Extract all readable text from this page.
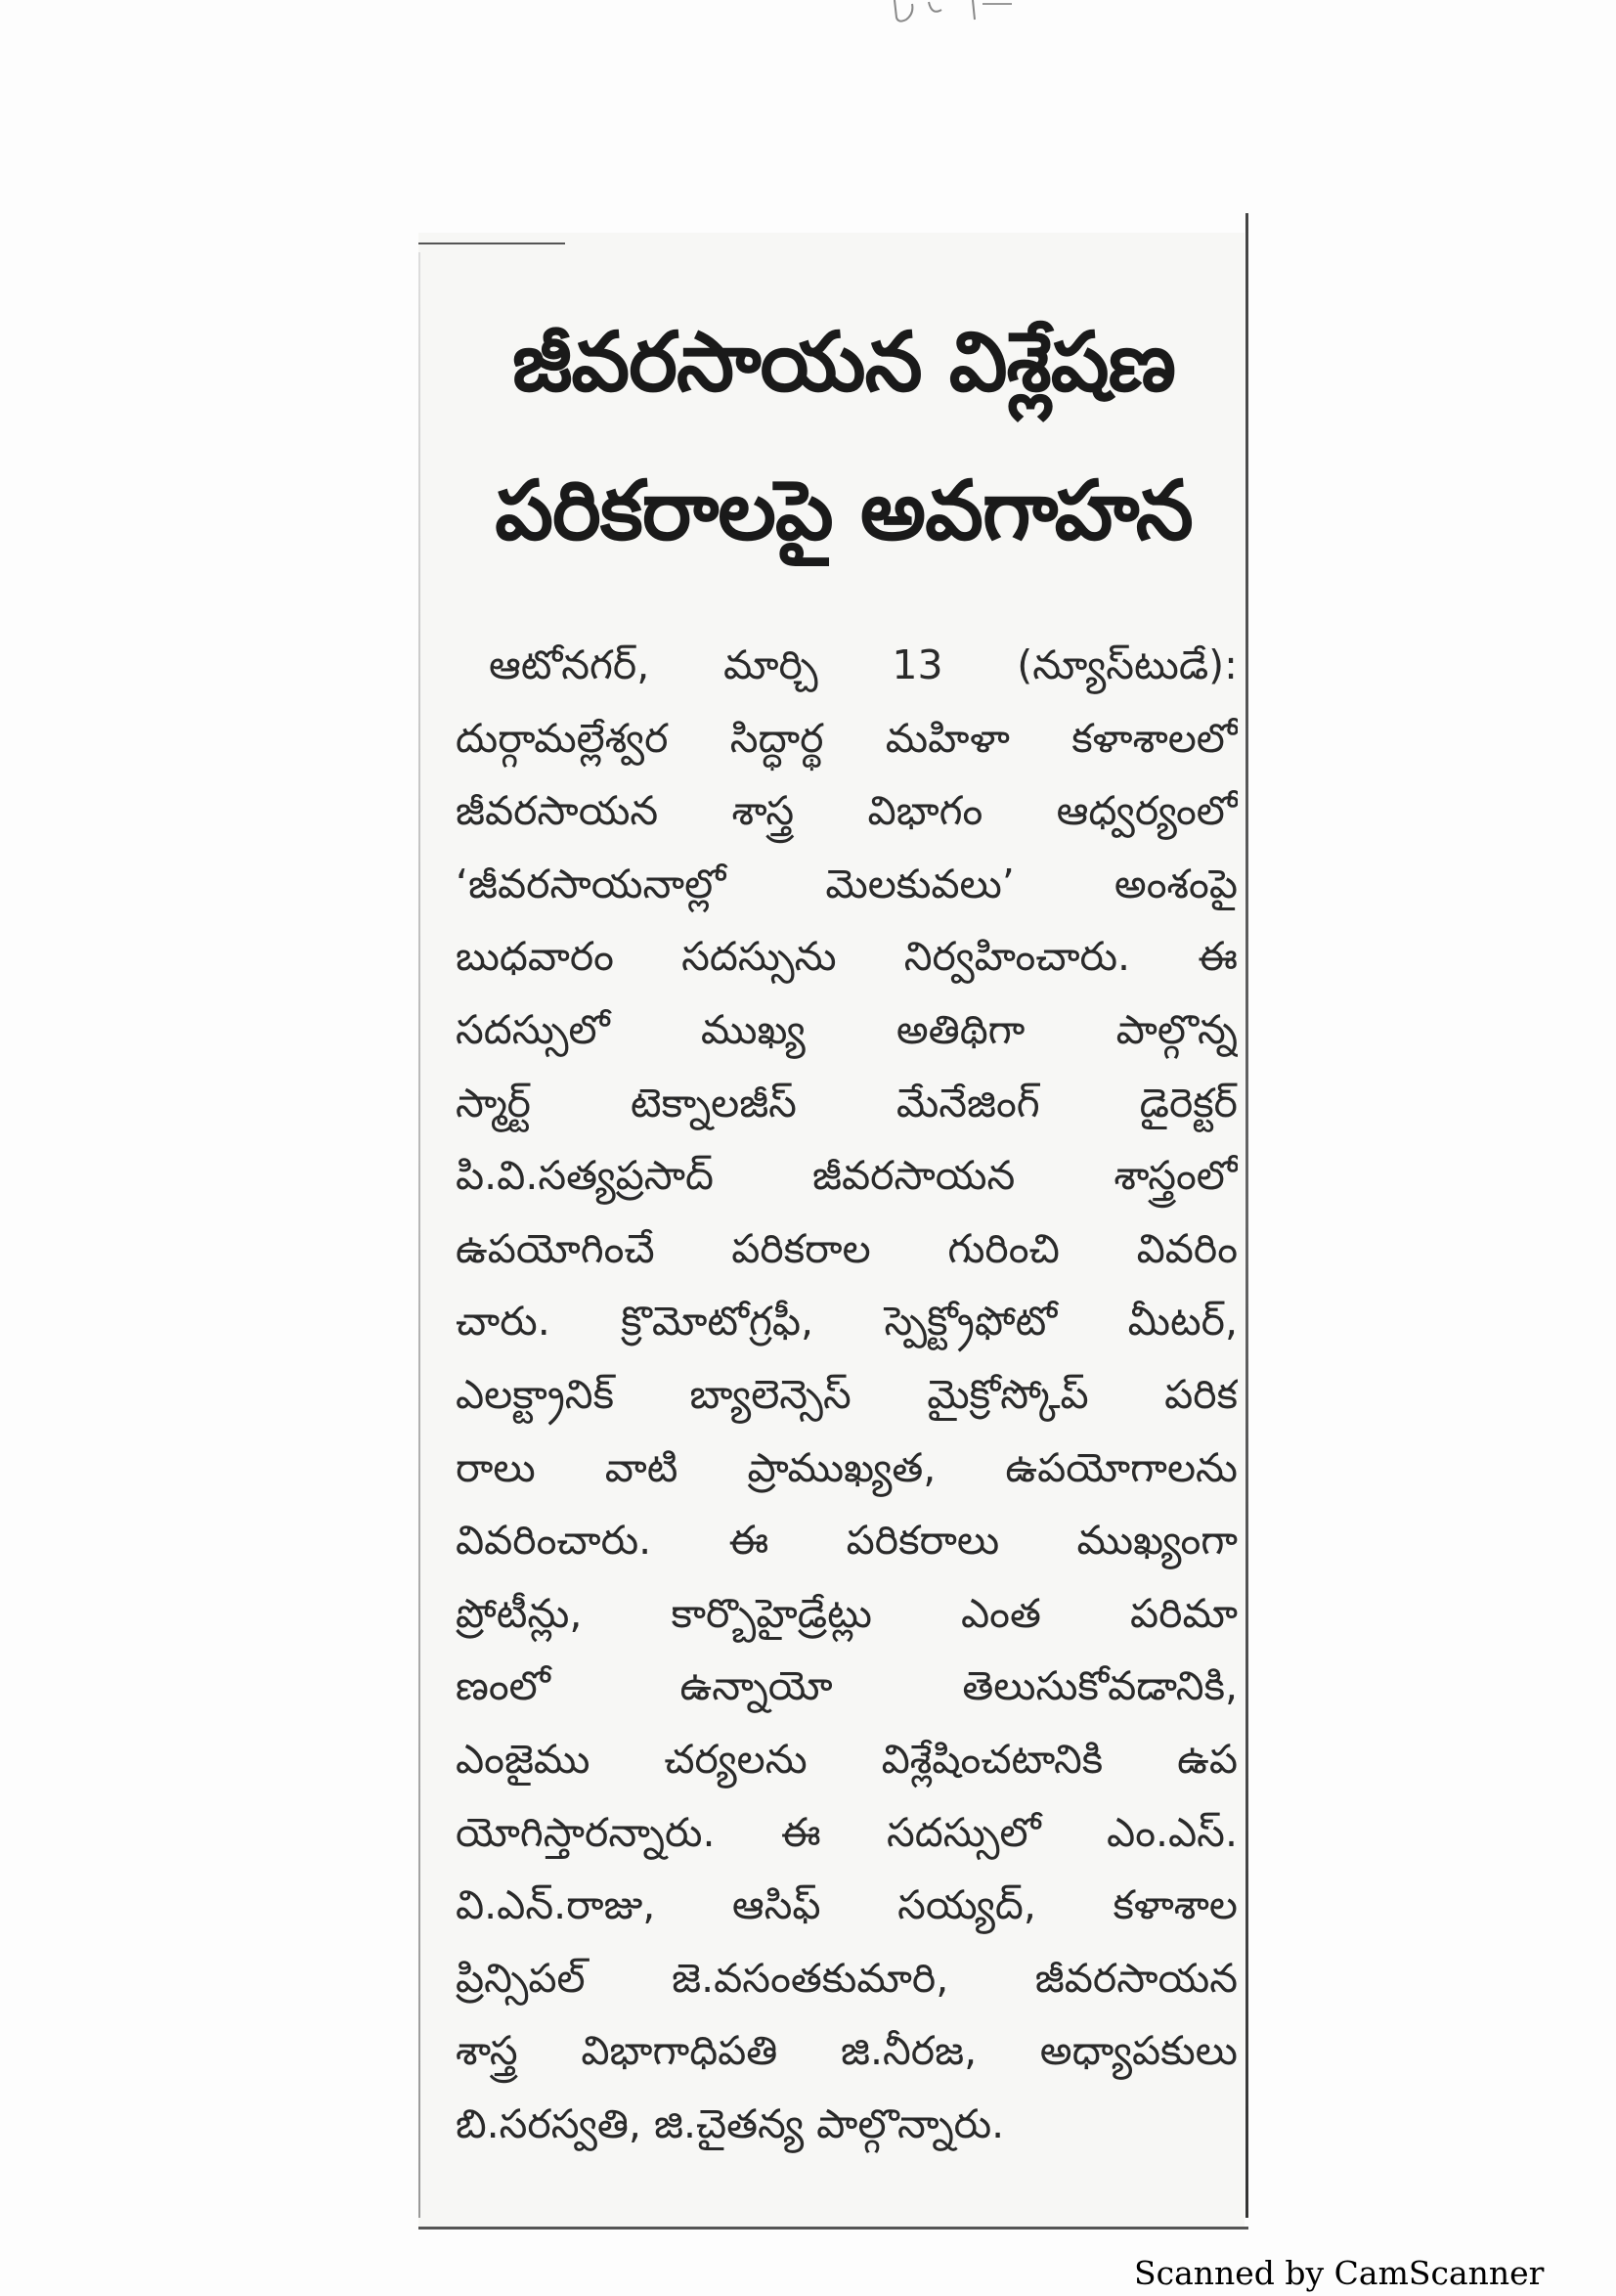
జీవరసాయన విశ్లేషణ
పరికరాలపై అవగాహన
ఆటోనగర్, మార్చి 13 (న్యూస్‌టుడే):
దుర్గామల్లేశ్వర సిద్ధార్థ మహిళా కళాశాలలో
జీవరసాయన శాస్త్ర విభాగం ఆధ్వర్యంలో
‘జీవరసాయనాల్లో మెలకువలు’ అంశంపై
బుధవారం సదస్సును నిర్వహించారు. ఈ
సదస్సులో ముఖ్య అతిథిగా పాల్గొన్న
స్మార్ట్ టెక్నాలజీస్ మేనేజింగ్ డైరెక్టర్
పి.వి.సత్యప్రసాద్ జీవరసాయన శాస్త్రంలో
ఉపయోగించే పరికరాల గురించి వివరిం
చారు. క్రొమోటోగ్రఫీ, స్పెక్ట్రోఫోటో మీటర్,
ఎలక్ట్రానిక్ బ్యాలెన్సెస్ మైక్రోస్కోప్ పరిక
రాలు వాటి ప్రాముఖ్యత, ఉపయోగాలను
వివరించారు. ఈ పరికరాలు ముఖ్యంగా
ప్రోటీన్లు, కార్బొహైడ్రేట్లు ఎంత పరిమా
ణంలో ఉన్నాయో తెలుసుకోవడానికి,
ఎంజైము చర్యలను విశ్లేషించటానికి ఉప
యోగిస్తారన్నారు. ఈ సదస్సులో ఎం.ఎస్.
వి.ఎన్.రాజు, ఆసిఫ్ సయ్యద్, కళాశాల
ప్రిన్సిపల్ జె.వసంతకుమారి, జీవరసాయన
శాస్త్ర విభాగాధిపతి జి.నీరజ, అధ్యాపకులు
బి.సరస్వతి, జి.చైతన్య పాల్గొన్నారు.
Scanned by CamScanner
